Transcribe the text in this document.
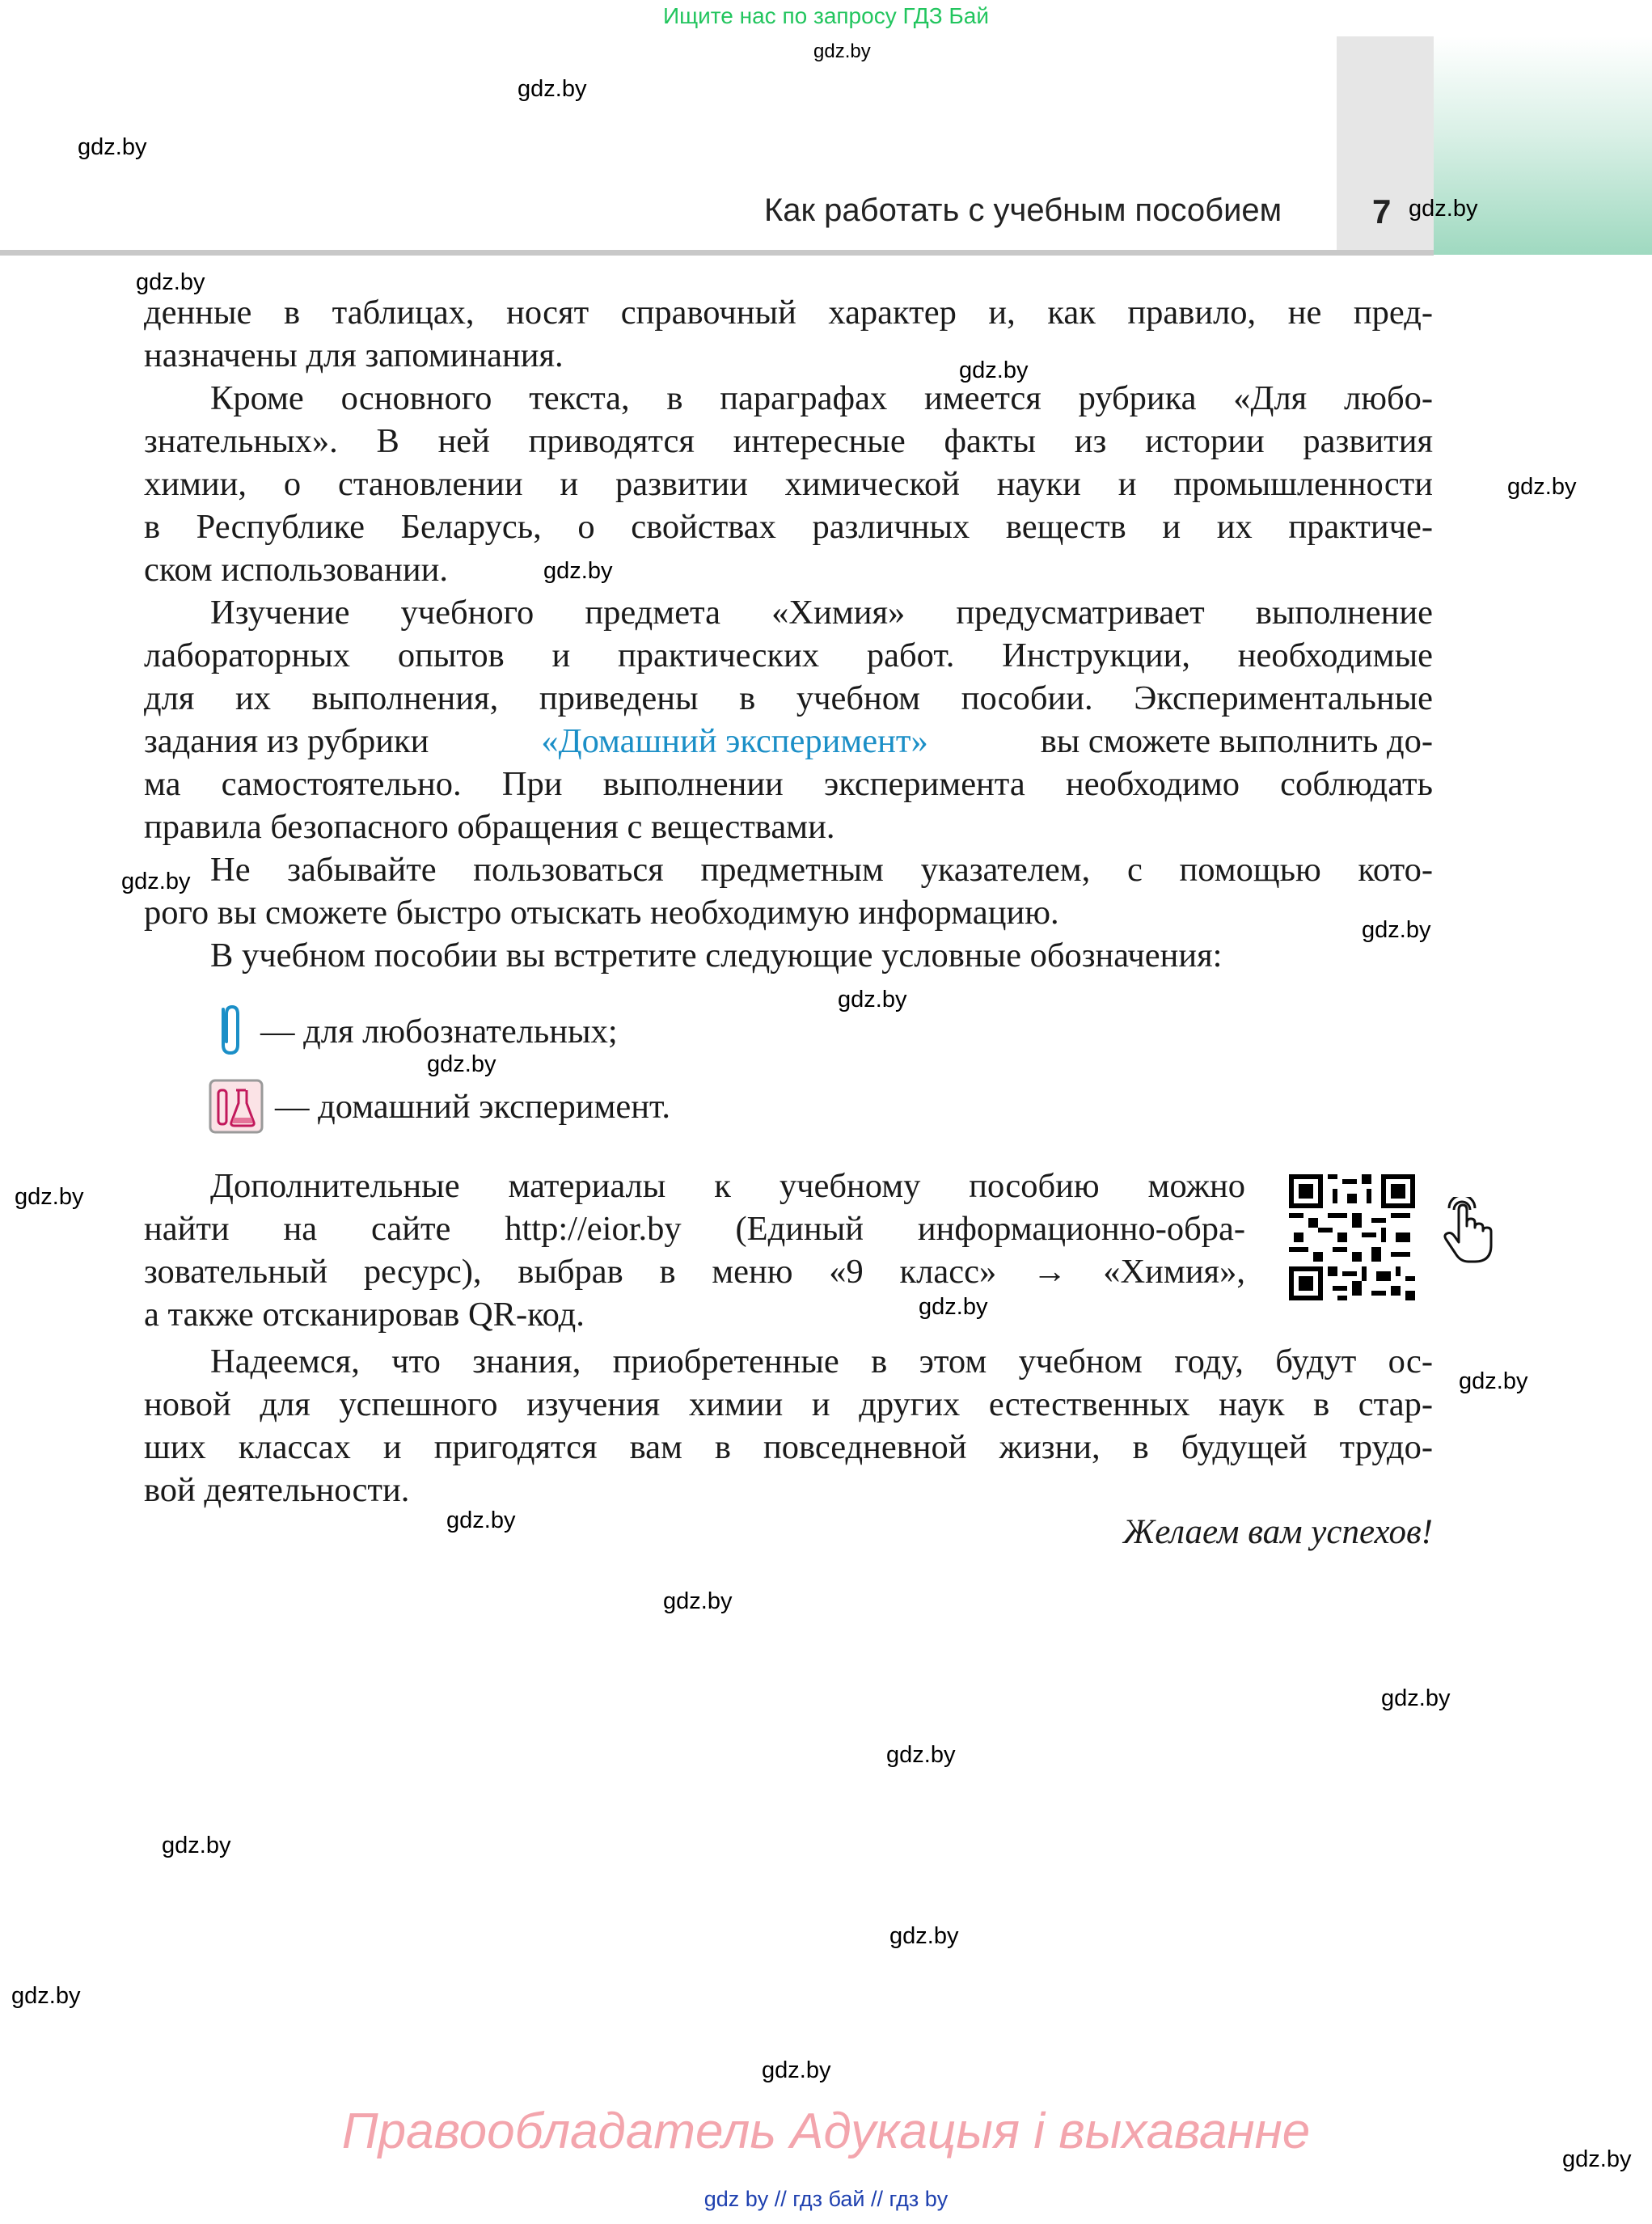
Ищите нас по запросу ГДЗ Бай
Как работать с учебным пособием	7
денные в таблицах, носят справочный характер и, как правило, не пред-
назначены для запоминания.
Кроме основного текста, в параграфах имеется рубрика «Для любо-
знательных». В ней приводятся интересные факты из истории развития
химии, о становлении и развитии химической науки и промышленности
в Республике Беларусь, о свойствах различных веществ и их практиче-
ском использовании.
Изучение учебного предмета «Химия» предусматривает выполнение
лабораторных опытов и практических работ. Инструкции, необходимые
для их выполнения, приведены в учебном пособии. Экспериментальные
задания из рубрики	«Домашний эксперимент»	вы сможете выполнить до-
ма самостоятельно. При выполнении эксперимента необходимо соблюдать
правила безопасного обращения с веществами.
Не забывайте пользоваться предметным указателем, с помощью кото-
рого вы сможете быстро отыскать необходимую информацию.
В учебном пособии вы встретите следующие условные обозначения:
— для любознательных;
— домашний эксперимент.
Дополнительные материалы к учебному пособию можно
найти на сайте http://eior.by (Единый информационно-обра-
зовательный ресурс), выбрав в меню «9 класс» → «Химия»,
а также отсканировав QR-код.
Надеемся, что знания, приобретенные в этом учебном году, будут ос-
новой для успешного изучения химии и других естественных наук в стар-
ших классах и пригодятся вам в повседневной жизни, в будущей трудо-
вой деятельности.
Желаем вам успехов!
gdz.by
gdz.by
gdz.by
gdz.by
gdz.by
gdz.by
gdz.by
gdz.by
gdz.by
gdz.by
gdz.by
gdz.by
gdz.by
gdz.by
gdz.by
gdz.by
gdz.by
gdz.by
gdz.by
gdz.by
gdz.by
gdz.by
gdz.by
gdz.by
Правообладатель Адукацыя і выхаванне
gdz by // гдз бай // гдз by
